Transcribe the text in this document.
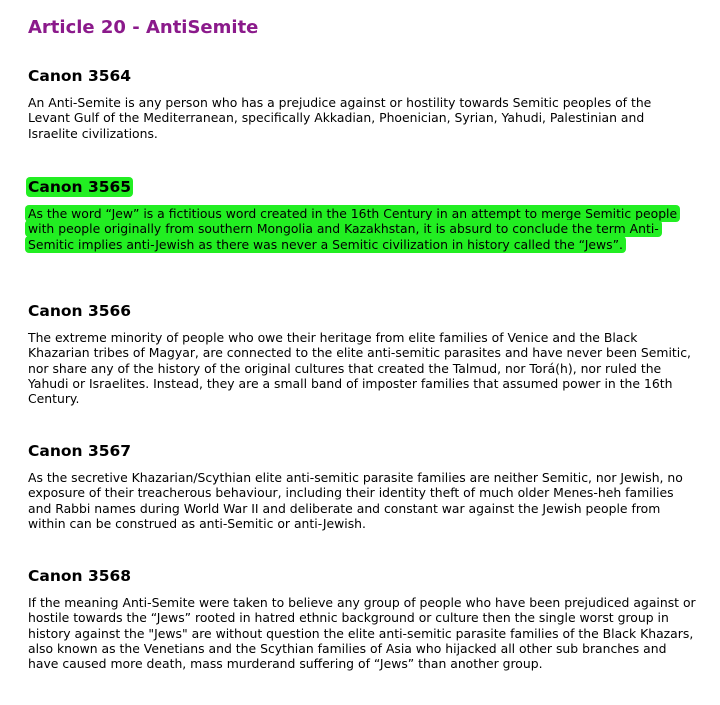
Article 20 - AntiSemite
Canon 3564

An Anti-Semite is any person who has a prejudice against or hostility towards Semitic peoples of the Levant Gulf of the Mediterranean, specifically Akkadian, Phoenician, Syrian, Yahudi, Palestinian and Israelite civilizations.

Canon 3565

As the word “Jew” is a fictitious word created in the 16th Century in an attempt to merge Semitic people with people originally from southern Mongolia and Kazakhstan, it is absurd to conclude the term Anti-Semitic implies anti-Jewish as there was never a Semitic civilization in history called the “Jews”.

Canon 3566

The extreme minority of people who owe their heritage from elite families of Venice and the Black Khazarian tribes of Magyar, are connected to the elite anti-semitic parasites and have never been Semitic, nor share any of the history of the original cultures that created the Talmud, nor Torá(h), nor ruled the Yahudi or Israelites. Instead, they are a small band of imposter families that assumed power in the 16th Century.

Canon 3567

As the secretive Khazarian/Scythian elite anti-semitic parasite families are neither Semitic, nor Jewish, no exposure of their treacherous behaviour, including their identity theft of much older Menes-heh families and Rabbi names during World War II and deliberate and constant war against the Jewish people from within can be construed as anti-Semitic or anti-Jewish.

Canon 3568

If the meaning Anti-Semite were taken to believe any group of people who have been prejudiced against or hostile towards the “Jews” rooted in hatred ethnic background or culture then the single worst group in history against the "Jews" are without question the elite anti-semitic parasite families of the Black Khazars, also known as the Venetians and the Scythian families of Asia who hijacked all other sub branches and have caused more death, mass murderand suffering of “Jews” than another group.
